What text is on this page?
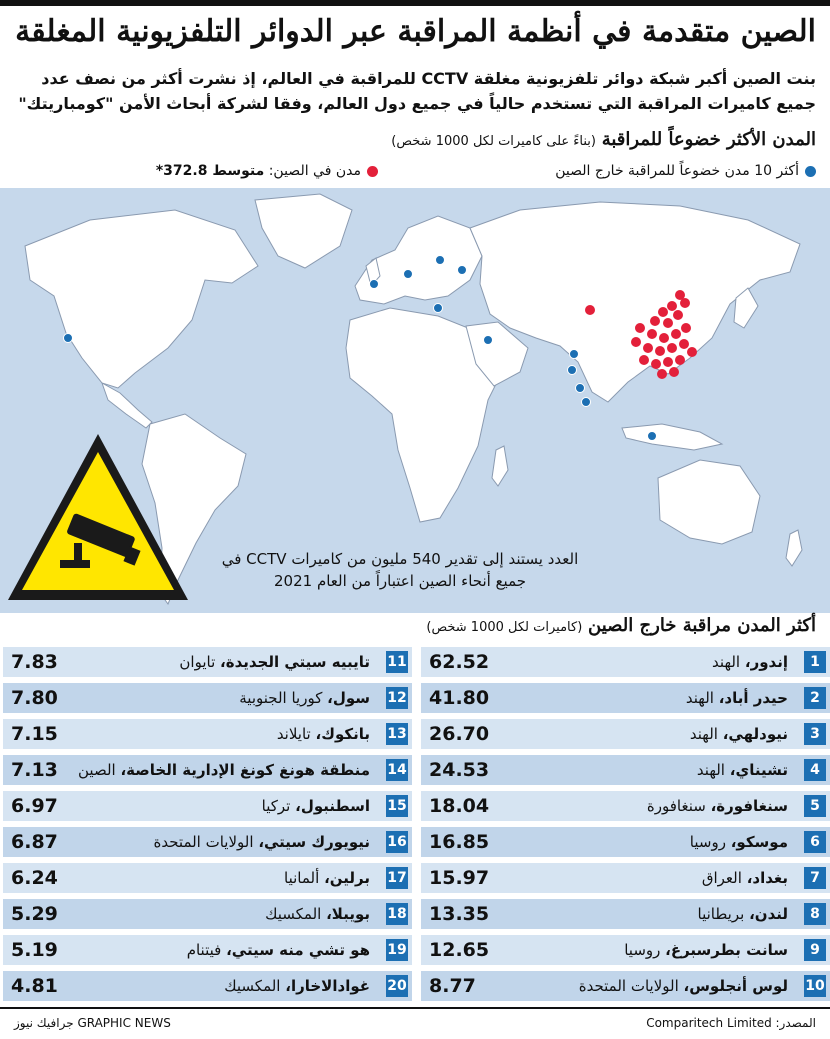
الصين متقدمة في أنظمة المراقبة عبر الدوائر التلفزيونية المغلقة
بنت الصين أكبر شبكة دوائر تلفزيونية مغلقة CCTV للمراقبة في العالم، إذ نشرت أكثر من نصف عدد جميع كاميرات المراقبة التي تستخدم حالياً في جميع دول العالم، وفقا لشركة أبحاث الأمن "كومباريتك"
المدن الأكثر خضوعاً للمراقبة (بناءً على كاميرات لكل 1000 شخص)
أكثر 10 مدن خضوعاً للمراقبة خارج الصين
مدن في الصين: متوسط 372.8*
العدد يستند إلى تقدير 540 مليون من كاميرات CCTV في جميع أنحاء الصين اعتباراً من العام 2021
أكثر المدن مراقبة خارج الصين (كاميرات لكل 1000 شخص)
1
إندور، الهند
62.52
2
حيدر أباد، الهند
41.80
3
نيودلهي، الهند
26.70
4
تشيناي، الهند
24.53
5
سنغافورة، سنغافورة
18.04
6
موسكو، روسيا
16.85
7
بغداد، العراق
15.97
8
لندن، بريطانيا
13.35
9
سانت بطرسبرغ، روسيا
12.65
10
لوس أنجلوس، الولايات المتحدة
8.77
11
تايبيه سيتي الجديدة، تايوان
7.83
12
سول، كوريا الجنوبية
7.80
13
بانكوك، تايلاند
7.15
14
منطقة هونغ كونغ الإدارية الخاصة، الصين
7.13
15
اسطنبول، تركيا
6.97
16
نيويورك سيتي، الولايات المتحدة
6.87
17
برلين، ألمانيا
6.24
18
بويبلا، المكسيك
5.29
19
هو تشي منه سيتي، فيتنام
5.19
20
غوادالاخارا، المكسيك
4.81
المصدر: Comparitech Limited
GRAPHIC NEWS جرافيك نيوز
